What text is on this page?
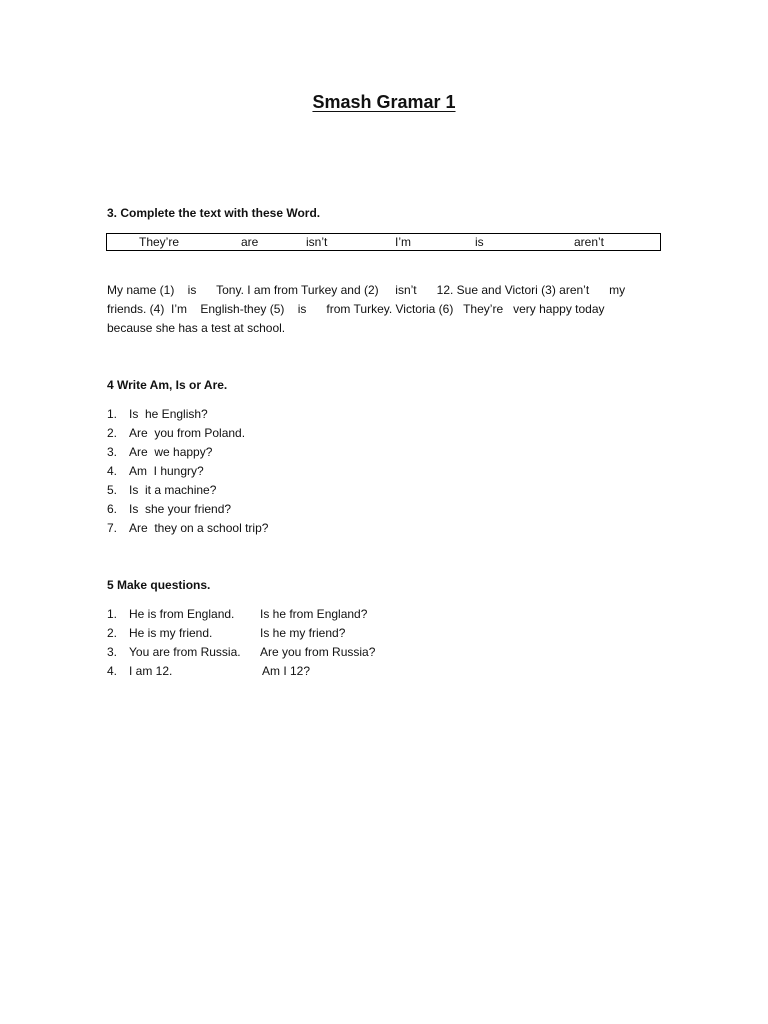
Smash Gramar 1
3. Complete the text with these Word.
They’re	are	isn’t	I’m	is	aren’t
My name (1)    is      Tony. I am from Turkey and (2)     isn’t      12. Sue and Victori (3) aren’t      my
friends. (4)  I’m    English-they (5)    is      from Turkey. Victoria (6)   They’re   very happy today
because she has a test at school.
4 Write Am, Is or Are.
1. Is  he English?
2. Are  you from Poland.
3. Are  we happy?
4. Am  I hungry?
5. Is  it a machine?
6. Is  she your friend?
7. Are  they on a school trip?
5 Make questions.
1. He is from England. Is he from England?
2. He is my friend.	Is he my friend?
3. You are from Russia. Are you from Russia?
4. I am 12.	Am I 12?
